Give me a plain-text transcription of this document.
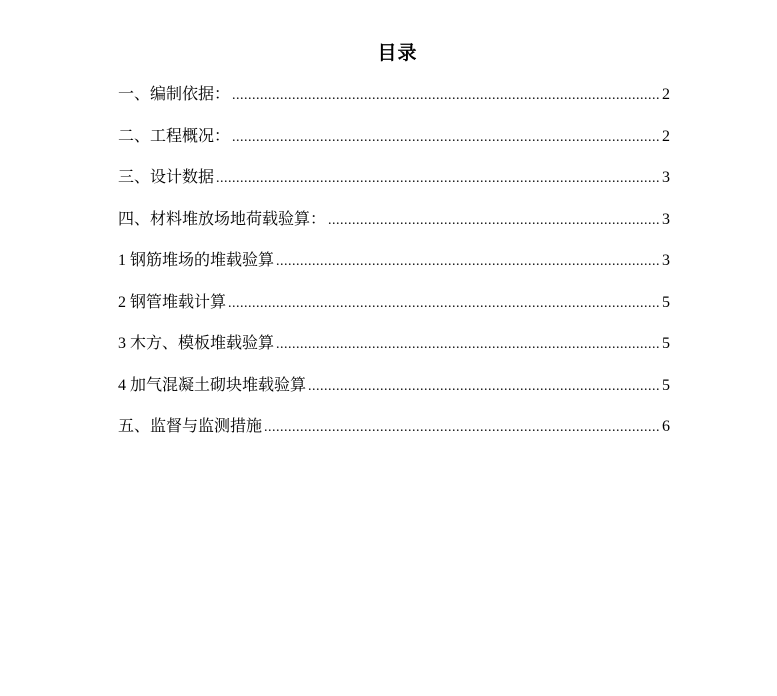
目录
一、编制依据： .....	2
二、工程概况： .....	2
三、设计数据 .....	3
四、材料堆放场地荷载验算： .....	3
1 钢筋堆场的堆载验算 .....	3
2 钢管堆载计算 .....	5
3 木方、模板堆载验算 .....	5
4 加气混凝土砌块堆载验算 .....	5
五、监督与监测措施 .....	6
